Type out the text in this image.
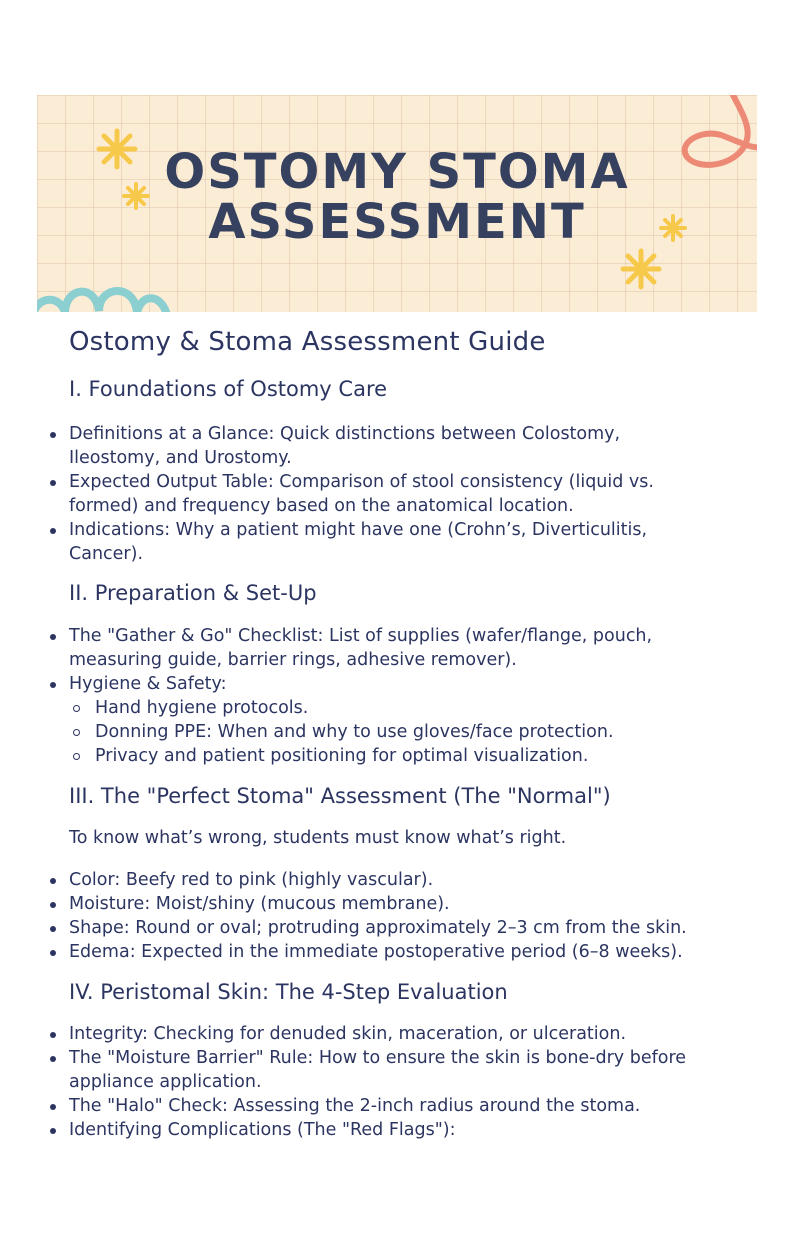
OSTOMY STOMA
ASSESSMENT
Ostomy & Stoma Assessment Guide
I. Foundations of Ostomy Care
Definitions at a Glance: Quick distinctions between Colostomy,
Ileostomy, and Urostomy.
Expected Output Table: Comparison of stool consistency (liquid vs.
formed) and frequency based on the anatomical location.
Indications: Why a patient might have one (Crohn’s, Diverticulitis,
Cancer).
II. Preparation & Set-Up
The "Gather & Go" Checklist: List of supplies (wafer/flange, pouch,
measuring guide, barrier rings, adhesive remover).
Hygiene & Safety:
Hand hygiene protocols.
Donning PPE: When and why to use gloves/face protection.
Privacy and patient positioning for optimal visualization.
III. The "Perfect Stoma" Assessment (The "Normal")
To know what’s wrong, students must know what’s right.
Color: Beefy red to pink (highly vascular).
Moisture: Moist/shiny (mucous membrane).
Shape: Round or oval; protruding approximately 2–3 cm from the skin.
Edema: Expected in the immediate postoperative period (6–8 weeks).
IV. Peristomal Skin: The 4-Step Evaluation
Integrity: Checking for denuded skin, maceration, or ulceration.
The "Moisture Barrier" Rule: How to ensure the skin is bone-dry before
appliance application.
The "Halo" Check: Assessing the 2-inch radius around the stoma.
Identifying Complications (The "Red Flags"):
